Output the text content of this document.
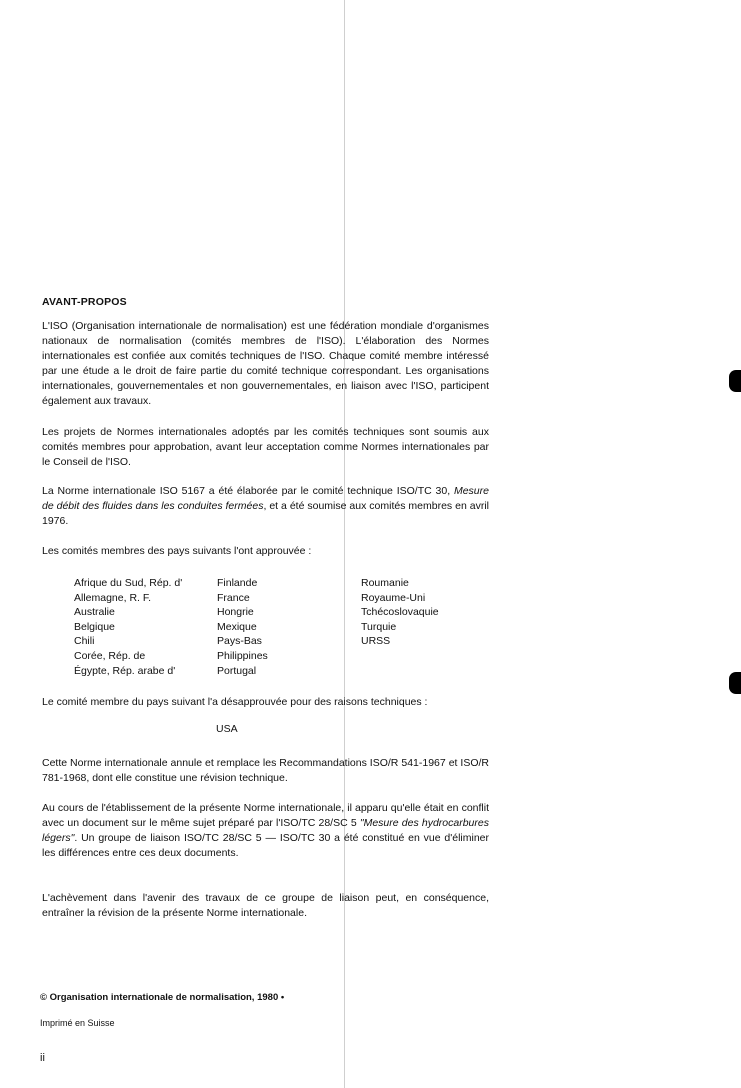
AVANT-PROPOS

L'ISO (Organisation internationale de normalisation) est une fédération mondiale d'organismes nationaux de normalisation (comités membres de l'ISO). L'élaboration des Normes internationales est confiée aux comités techniques de l'ISO. Chaque comité membre intéressé par une étude a le droit de faire partie du comité technique correspondant. Les organisations internationales, gouvernementales et non gouvernementales, en liaison avec l'ISO, participent également aux travaux.

Les projets de Normes internationales adoptés par les comités techniques sont soumis aux comités membres pour approbation, avant leur acceptation comme Normes internationales par le Conseil de l'ISO.

La Norme internationale ISO 5167 a été élaborée par le comité technique ISO/TC 30, Mesure de débit des fluides dans les conduites fermées, et a été soumise aux comités membres en avril 1976.

Les comités membres des pays suivants l'ont approuvée :

Afrique du Sud, Rép. d'
Allemagne, R. F.
Australie
Belgique
Chili
Corée, Rép. de
Égypte, Rép. arabe d'
Finlande
France
Hongrie
Mexique
Pays-Bas
Philippines
Portugal
Roumanie
Royaume-Uni
Tchécoslovaquie
Turquie
URSS

Le comité membre du pays suivant l'a désapprouvée pour des raisons techniques :

USA

Cette Norme internationale annule et remplace les Recommandations ISO/R 541-1967 et ISO/R 781-1968, dont elle constitue une révision technique.

Au cours de l'établissement de la présente Norme internationale, il apparu qu'elle était en conflit avec un document sur le même sujet préparé par l'ISO/TC 28/SC 5 "Mesure des hydrocarbures légers". Un groupe de liaison ISO/TC 28/SC 5 — ISO/TC 30 a été constitué en vue d'éliminer les différences entre ces deux documents.

L'achèvement dans l'avenir des travaux de ce groupe de liaison peut, en conséquence, entraîner la révision de la présente Norme internationale.

© Organisation internationale de normalisation, 1980 •
Imprimé en Suisse
ii
